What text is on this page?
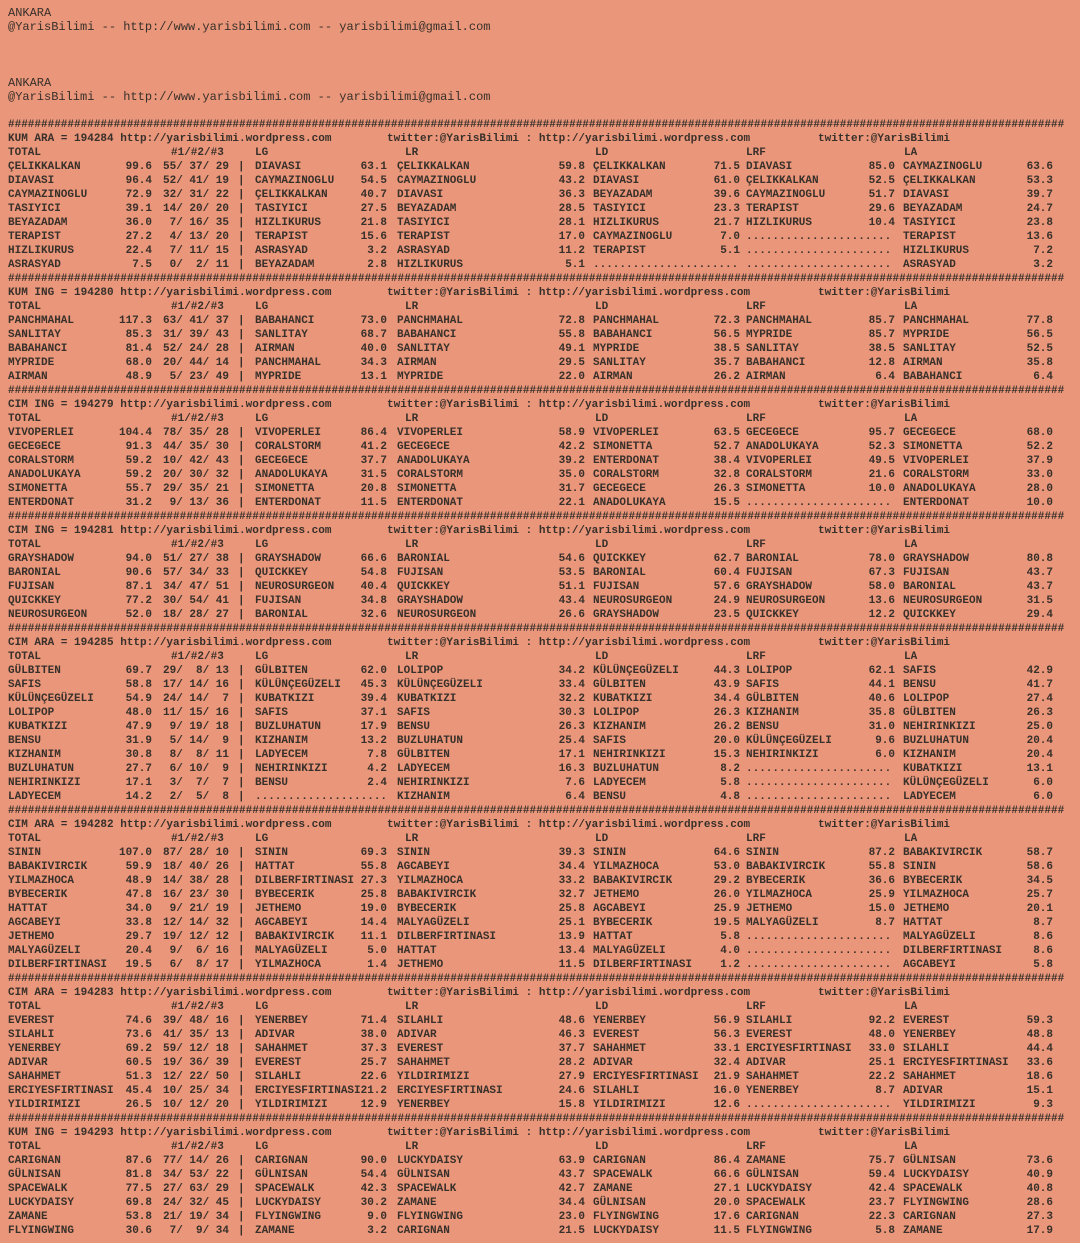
ANKARA
@YarisBilimi -- http://www.yarisbilimi.com -- yarisbilimi@gmail.com
ANKARA
@YarisBilimi -- http://www.yarisbilimi.com -- yarisbilimi@gmail.com
################################################################################################################################################################
KUM ARA = 194284 http://yarisbilimi.wordpress.com	twitter:@YarisBilimi : http://yarisbilimi.wordpress.com	twitter:@YarisBilimi
TOTAL	#1/#2/#3	LG	LR	LD	LRF	LA
ÇELIKKALKAN	99.6 55/ 37/ 29 | DIAVASI	63.1 ÇELIKKALKAN	59.8 ÇELIKKALKAN	71.5 DIAVASI	85.0 CAYMAZINOGLU	63.6
DIAVASI	96.4 52/ 41/ 19 | CAYMAZINOGLU	54.5 CAYMAZINOGLU	43.2 DIAVASI	61.0 ÇELIKKALKAN	52.5 ÇELIKKALKAN	53.3
CAYMAZINOGLU	72.9 32/ 31/ 22 | ÇELIKKALKAN	40.7 DIAVASI	36.3 BEYAZADAM	39.6 CAYMAZINOGLU	51.7 DIAVASI	39.7
TASIYICI	39.1 14/ 20/ 20 | TASIYICI	27.5 BEYAZADAM	28.5 TASIYICI	23.3 TERAPIST	29.6 BEYAZADAM	24.7
BEYAZADAM	36.0 7/ 16/ 35 | HIZLIKURUS	21.8 TASIYICI	28.1 HIZLIKURUS	21.7 HIZLIKURUS	10.4 TASIYICI	23.8
TERAPIST	27.2 4/ 13/ 20 | TERAPIST	15.6 TERAPIST	17.0 CAYMAZINOGLU	7.0 ...................... TERAPIST	13.6
HIZLIKURUS	22.4 7/ 11/ 15 | ASRASYAD	3.2 ASRASYAD	11.2 TERAPIST	5.1 ...................... HIZLIKURUS	7.2
ASRASYAD	7.5 0/  2/ 11 | BEYAZADAM	2.8 HIZLIKURUS	5.1 ...................... ...................... ASRASYAD	3.2
################################################################################################################################################################
KUM ING = 194280 http://yarisbilimi.wordpress.com	twitter:@YarisBilimi : http://yarisbilimi.wordpress.com	twitter:@YarisBilimi
TOTAL	#1/#2/#3	LG	LR	LD	LRF	LA
PANCHMAHAL	117.3 63/ 41/ 37 | BABAHANCI	73.0 PANCHMAHAL	72.8 PANCHMAHAL	72.3 PANCHMAHAL	85.7 PANCHMAHAL	77.8
SANLITAY	85.3 31/ 39/ 43 | SANLITAY	68.7 BABAHANCI	55.8 BABAHANCI	56.5 MYPRIDE	85.7 MYPRIDE	56.5
BABAHANCI	81.4 52/ 24/ 28 | AIRMAN	40.0 SANLITAY	49.1 MYPRIDE	38.5 SANLITAY	38.5 SANLITAY	52.5
MYPRIDE	68.0 20/ 44/ 14 | PANCHMAHAL	34.3 AIRMAN	29.5 SANLITAY	35.7 BABAHANCI	12.8 AIRMAN	35.8
AIRMAN	48.9 5/ 23/ 49 | MYPRIDE	13.1 MYPRIDE	22.0 AIRMAN	26.2 AIRMAN	6.4 BABAHANCI	6.4
################################################################################################################################################################
CIM ING = 194279 http://yarisbilimi.wordpress.com	twitter:@YarisBilimi : http://yarisbilimi.wordpress.com	twitter:@YarisBilimi
TOTAL	#1/#2/#3	LG	LR	LD	LRF	LA
VIVOPERLEI	104.4 78/ 35/ 28 | VIVOPERLEI	86.4 VIVOPERLEI	58.9 VIVOPERLEI	63.5 GECEGECE	95.7 GECEGECE	68.0
GECEGECE	91.3 44/ 35/ 30 | CORALSTORM	41.2 GECEGECE	42.2 SIMONETTA	52.7 ANADOLUKAYA	52.3 SIMONETTA	52.2
CORALSTORM	59.2 10/ 42/ 43 | GECEGECE	37.7 ANADOLUKAYA	39.2 ENTERDONAT	38.4 VIVOPERLEI	49.5 VIVOPERLEI	37.9
ANADOLUKAYA	59.2 20/ 30/ 32 | ANADOLUKAYA	31.5 CORALSTORM	35.0 CORALSTORM	32.8 CORALSTORM	21.6 CORALSTORM	33.0
SIMONETTA	55.7 29/ 35/ 21 | SIMONETTA	20.8 SIMONETTA	31.7 GECEGECE	26.3 SIMONETTA	10.0 ANADOLUKAYA	28.0
ENTERDONAT	31.2 9/ 13/ 36 | ENTERDONAT	11.5 ENTERDONAT	22.1 ANADOLUKAYA	15.5 ...................... ENTERDONAT	10.0
################################################################################################################################################################
CIM ING = 194281 http://yarisbilimi.wordpress.com	twitter:@YarisBilimi : http://yarisbilimi.wordpress.com	twitter:@YarisBilimi
TOTAL	#1/#2/#3	LG	LR	LD	LRF	LA
GRAYSHADOW	94.0 51/ 27/ 38 | GRAYSHADOW	66.6 BARONIAL	54.6 QUICKKEY	62.7 BARONIAL	78.0 GRAYSHADOW	80.8
BARONIAL	90.6 57/ 34/ 33 | QUICKKEY	54.8 FUJISAN	53.5 BARONIAL	60.4 FUJISAN	67.3 FUJISAN	43.7
FUJISAN	87.1 34/ 47/ 51 | NEUROSURGEON	40.4 QUICKKEY	51.1 FUJISAN	57.6 GRAYSHADOW	58.0 BARONIAL	43.7
QUICKKEY	77.2 30/ 54/ 41 | FUJISAN	34.8 GRAYSHADOW	43.4 NEUROSURGEON	24.9 NEUROSURGEON	13.6 NEUROSURGEON	31.5
NEUROSURGEON	52.0 18/ 28/ 27 | BARONIAL	32.6 NEUROSURGEON	26.6 GRAYSHADOW	23.5 QUICKKEY	12.2 QUICKKEY	29.4
################################################################################################################################################################
CIM ARA = 194285 http://yarisbilimi.wordpress.com	twitter:@YarisBilimi : http://yarisbilimi.wordpress.com	twitter:@YarisBilimi
TOTAL	#1/#2/#3	LG	LR	LD	LRF	LA
GÜLBITEN	69.7 29/  8/ 13 | GÜLBITEN	62.0 LOLIPOP	34.2 KÜLÜNÇEGÜZELI	44.3 LOLIPOP	62.1 SAFIS	42.9
SAFIS	58.8 17/ 14/ 16 | KÜLÜNÇEGÜZELI	45.3 KÜLÜNÇEGÜZELI	33.4 GÜLBITEN	43.9 SAFIS	44.1 BENSU	41.7
KÜLÜNÇEGÜZELI	54.9 24/ 14/  7 | KUBATKIZI	39.4 KUBATKIZI	32.2 KUBATKIZI	34.4 GÜLBITEN	40.6 LOLIPOP	27.4
LOLIPOP	48.0 11/ 15/ 16 | SAFIS	37.1 SAFIS	30.3 LOLIPOP	26.3 KIZHANIM	35.8 GÜLBITEN	26.3
KUBATKIZI	47.9 9/ 19/ 18 | BUZLUHATUN	17.9 BENSU	26.3 KIZHANIM	26.2 BENSU	31.0 NEHIRINKIZI	25.0
BENSU	31.9 5/ 14/  9 | KIZHANIM	13.2 BUZLUHATUN	25.4 SAFIS	20.0 KÜLÜNÇEGÜZELI	9.6 BUZLUHATUN	20.4
KIZHANIM	30.8 8/  8/ 11 | LADYECEM	7.8 GÜLBITEN	17.1 NEHIRINKIZI	15.3 NEHIRINKIZI	6.0 KIZHANIM	20.4
BUZLUHATUN	27.7 6/ 10/  9 | NEHIRINKIZI	4.2 LADYECEM	16.3 BUZLUHATUN	8.2 ...................... KUBATKIZI	13.1
NEHIRINKIZI	17.1 3/  7/  7 | BENSU	2.4 NEHIRINKIZI	7.6 LADYECEM	5.8 ...................... KÜLÜNÇEGÜZELI	6.0
LADYECEM	14.2 2/  5/  8 | .................... KIZHANIM	6.4 BENSU	4.8 ...................... LADYECEM	6.0
################################################################################################################################################################
CIM ARA = 194282 http://yarisbilimi.wordpress.com	twitter:@YarisBilimi : http://yarisbilimi.wordpress.com	twitter:@YarisBilimi
TOTAL	#1/#2/#3	LG	LR	LD	LRF	LA
SININ	107.0 87/ 28/ 10 | SININ	69.3 SININ	39.3 SININ	64.6 SININ	87.2 BABAKIVIRCIK	58.7
BABAKIVIRCIK	59.9 18/ 40/ 26 | HATTAT	55.8 AGCABEYI	34.4 YILMAZHOCA	53.0 BABAKIVIRCIK	55.8 SININ	58.6
YILMAZHOCA	48.9 14/ 38/ 28 | DILBERFIRTINASI 27.3 YILMAZHOCA	33.2 BABAKIVIRCIK	29.2 BYBECERIK	36.6 BYBECERIK	34.5
BYBECERIK	47.8 16/ 23/ 30 | BYBECERIK	25.8 BABAKIVIRCIK	32.7 JETHEMO	26.0 YILMAZHOCA	25.9 YILMAZHOCA	25.7
HATTAT	34.0 9/ 21/ 19 | JETHEMO	19.0 BYBECERIK	25.8 AGCABEYI	25.9 JETHEMO	15.0 JETHEMO	20.1
AGCABEYI	33.8 12/ 14/ 32 | AGCABEYI	14.4 MALYAGÜZELI	25.1 BYBECERIK	19.5 MALYAGÜZELI	8.7 HATTAT	8.7
JETHEMO	29.7 19/ 12/ 12 | BABAKIVIRCIK	11.1 DILBERFIRTINASI	13.9 HATTAT	5.8 ...................... MALYAGÜZELI	8.6
MALYAGÜZELI	20.4 9/  6/ 16 | MALYAGÜZELI	5.0 HATTAT	13.4 MALYAGÜZELI	4.0 ...................... DILBERFIRTINASI	8.6
DILBERFIRTINASI	19.5 6/  8/ 17 | YILMAZHOCA	1.4 JETHEMO	11.5 DILBERFIRTINASI	1.2 ...................... AGCABEYI	5.8
################################################################################################################################################################
CIM ARA = 194283 http://yarisbilimi.wordpress.com	twitter:@YarisBilimi : http://yarisbilimi.wordpress.com	twitter:@YarisBilimi
TOTAL	#1/#2/#3	LG	LR	LD	LRF	LA
EVEREST	74.6 39/ 48/ 16 | YENERBEY	71.4 SILAHLI	48.6 YENERBEY	56.9 SILAHLI	92.2 EVEREST	59.3
SILAHLI	73.6 41/ 35/ 13 | ADIVAR	38.0 ADIVAR	46.3 EVEREST	56.3 EVEREST	48.0 YENERBEY	48.8
YENERBEY	69.2 59/ 12/ 18 | SAHAHMET	37.3 EVEREST	37.7 SAHAHMET	33.1 ERCIYESFIRTINASI	33.0 SILAHLI	44.4
ADIVAR	60.5 19/ 36/ 39 | EVEREST	25.7 SAHAHMET	28.2 ADIVAR	32.4 ADIVAR	25.1 ERCIYESFIRTINASI	33.6
SAHAHMET	51.3 12/ 22/ 50 | SILAHLI	22.6 YILDIRIMIZI	27.9 ERCIYESFIRTINASI	21.9 SAHAHMET	22.2 SAHAHMET	18.6
ERCIYESFIRTINASI	45.4 10/ 25/ 34 | ERCIYESFIRTINASI 21.2 ERCIYESFIRTINASI	24.6 SILAHLI	16.0 YENERBEY	8.7 ADIVAR	15.1
YILDIRIMIZI	26.5 10/ 12/ 20 | YILDIRIMIZI	12.9 YENERBEY	15.8 YILDIRIMIZI	12.6 ...................... YILDIRIMIZI	9.3
################################################################################################################################################################
KUM ING = 194293 http://yarisbilimi.wordpress.com	twitter:@YarisBilimi : http://yarisbilimi.wordpress.com	twitter:@YarisBilimi
TOTAL	#1/#2/#3	LG	LR	LD	LRF	LA
CARIGNAN	87.6 77/ 14/ 26 | CARIGNAN	90.0 LUCKYDAISY	63.9 CARIGNAN	86.4 ZAMANE	75.7 GÜLNISAN	73.6
GÜLNISAN	81.8 34/ 53/ 22 | GÜLNISAN	54.4 GÜLNISAN	43.7 SPACEWALK	66.6 GÜLNISAN	59.4 LUCKYDAISY	40.9
SPACEWALK	77.5 27/ 63/ 29 | SPACEWALK	42.3 SPACEWALK	42.7 ZAMANE	27.1 LUCKYDAISY	42.4 SPACEWALK	40.8
LUCKYDAISY	69.8 24/ 32/ 45 | LUCKYDAISY	30.2 ZAMANE	34.4 GÜLNISAN	20.0 SPACEWALK	23.7 FLYINGWING	28.6
ZAMANE	53.8 21/ 19/ 34 | FLYINGWING	9.0 FLYINGWING	23.0 FLYINGWING	17.6 CARIGNAN	22.3 CARIGNAN	27.3
FLYINGWING	30.6 7/  9/ 34 | ZAMANE	3.2 CARIGNAN	21.5 LUCKYDAISY	11.5 FLYINGWING	5.8 ZAMANE	17.9
